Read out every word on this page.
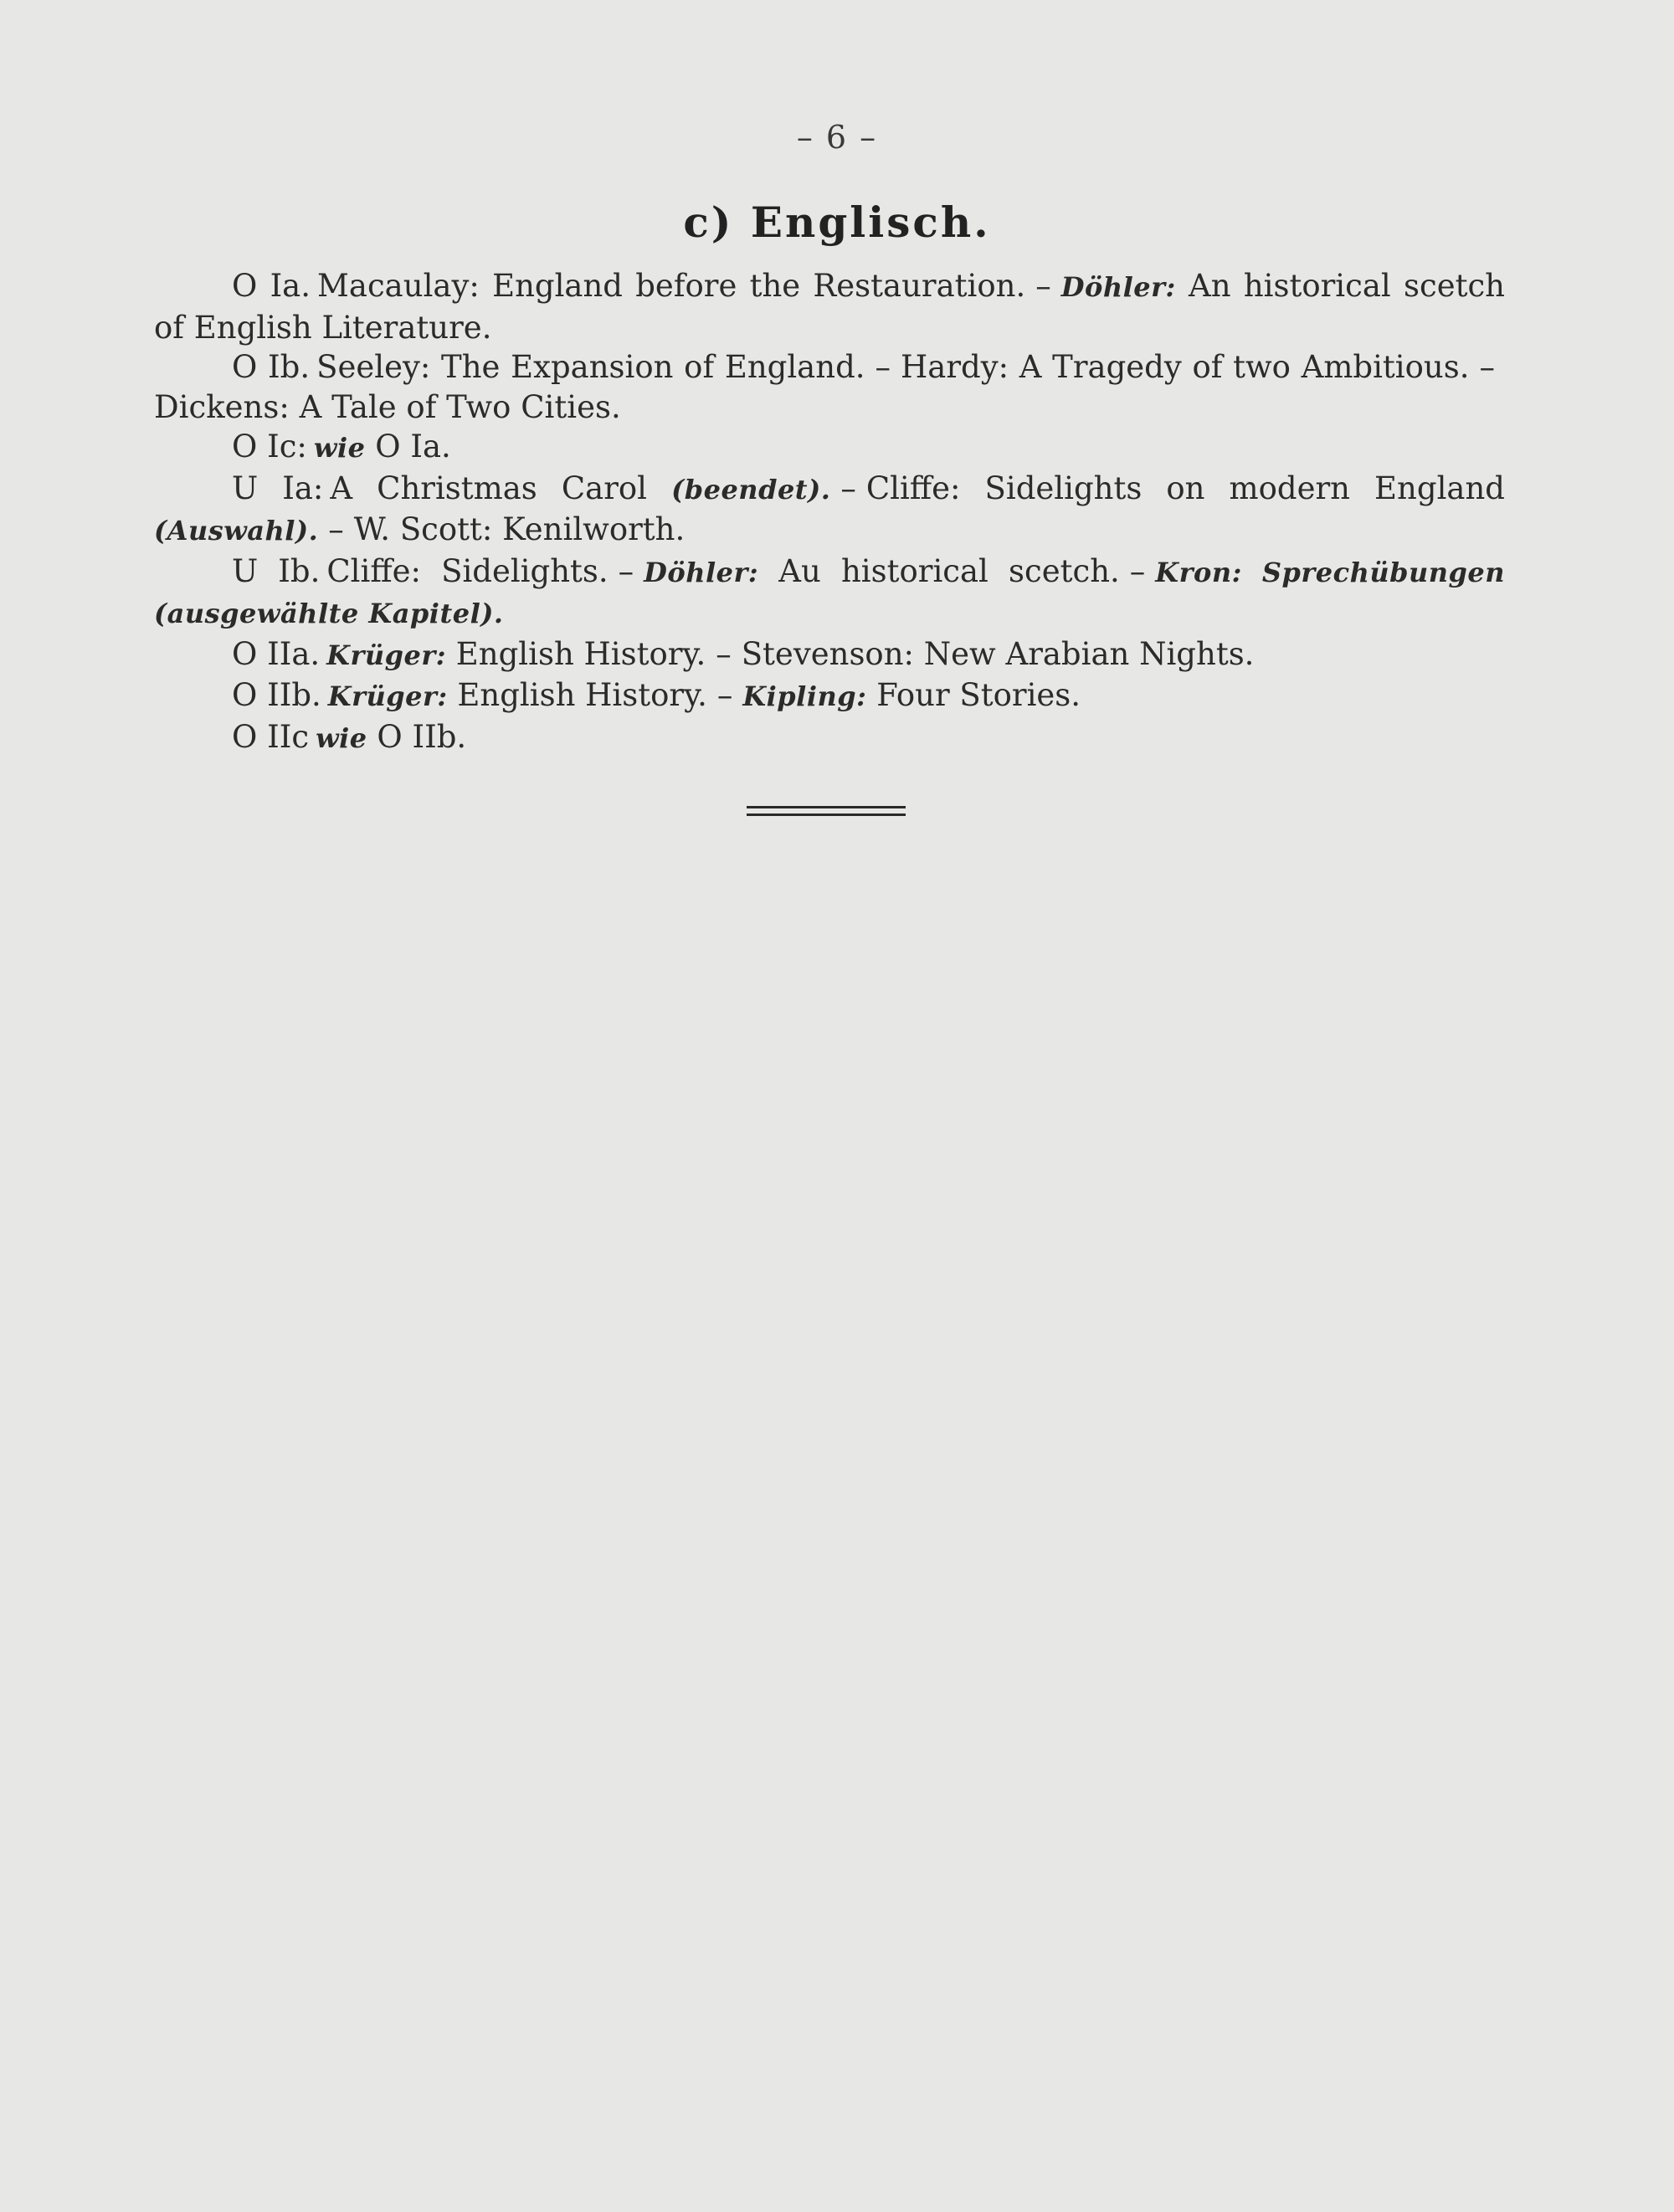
– 6 –
c) Englisch.

O Ia. Macaulay: England before the Restauration. – Döhler: An historical scetch of English Literature.

O Ib. Seeley: The Expansion of England. – Hardy: A Tragedy of two Ambitious. –Dickens: A Tale of Two Cities.

O Ic: wie O Ia.

U Ia: A Christmas Carol (beendet). – Cliffe: Sidelights on modern England (Auswahl). – W. Scott: Kenilworth.

U Ib. Cliffe: Sidelights. – Döhler: Au historical scetch. – Kron: Sprechübungen (ausgewählte Kapitel).

O IIa. Krüger: English History. – Stevenson: New Arabian Nights.

O IIb. Krüger: English History. – Kipling: Four Stories.

O IIc wie O IIb.
